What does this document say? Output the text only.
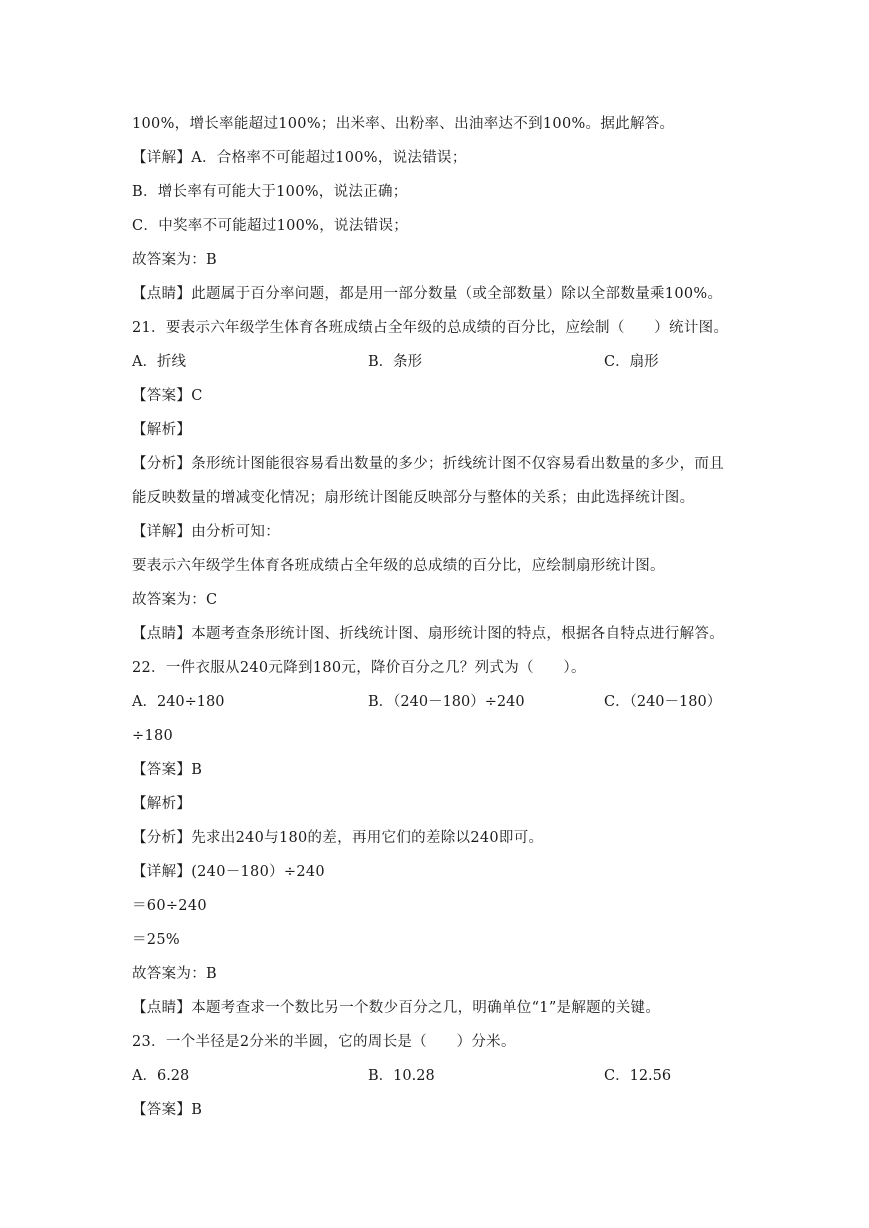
100%，增长率能超过100%；出米率、出粉率、出油率达不到100%。据此解答。
【详解】A．合格率不可能超过100%，说法错误；
B．增长率有可能大于100%，说法正确；
C．中奖率不可能超过100%，说法错误；
故答案为：B
【点睛】此题属于百分率问题，都是用一部分数量（或全部数量）除以全部数量乘100%。
21．要表示六年级学生体育各班成绩占全年级的总成绩的百分比，应绘制（　　）统计图。
A．折线	B．条形	C．扇形
【答案】C
【解析】
【分析】条形统计图能很容易看出数量的多少；折线统计图不仅容易看出数量的多少，而且
能反映数量的增减变化情况；扇形统计图能反映部分与整体的关系；由此选择统计图。
【详解】由分析可知：
要表示六年级学生体育各班成绩占全年级的总成绩的百分比，应绘制扇形统计图。
故答案为：C
【点睛】本题考查条形统计图、折线统计图、扇形统计图的特点，根据各自特点进行解答。
22．一件衣服从240元降到180元，降价百分之几？列式为（　　）。
A．240÷180	B．（240－180）÷240	C．（240－180）
÷180
【答案】B
【解析】
【分析】先求出240与180的差，再用它们的差除以240即可。
【详解】(240－180）÷240
＝60÷240
＝25%
故答案为：B
【点睛】本题考查求一个数比另一个数少百分之几，明确单位“1”是解题的关键。
23．一个半径是2分米的半圆，它的周长是（　　）分米。
A．6.28	B．10.28	C．12.56
【答案】B
